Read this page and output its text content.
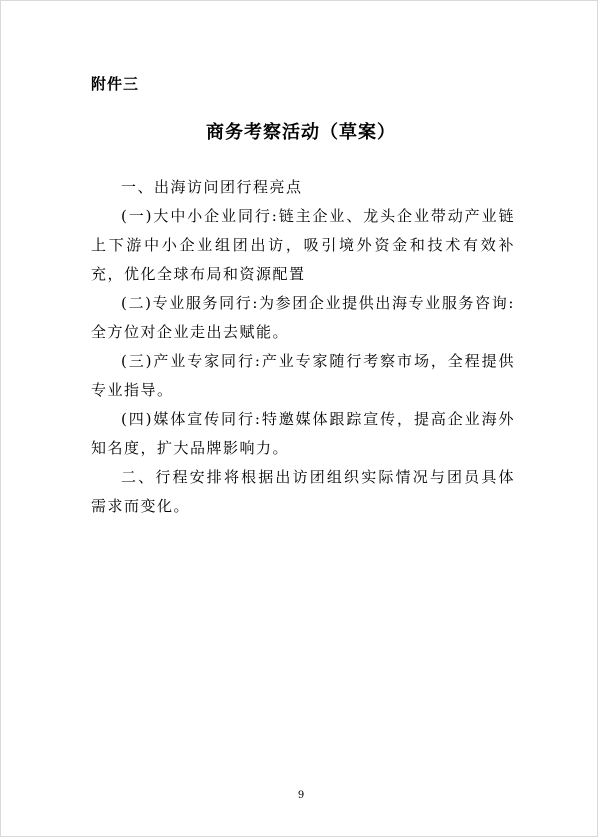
附件三
商务考察活动（草案）

一、出海访问团行程亮点

(一)大中小企业同行:链主企业、龙头企业带动产业链上下游中小企业组团出访，吸引境外资金和技术有效补充，优化全球布局和资源配置

(二)专业服务同行:为参团企业提供出海专业服务咨询:全方位对企业走出去赋能。

(三)产业专家同行:产业专家随行考察市场，全程提供专业指导。

(四)媒体宣传同行:特邀媒体跟踪宣传，提高企业海外知名度，扩大品牌影响力。

二、行程安排将根据出访团组织实际情况与团员具体需求而变化。

9
